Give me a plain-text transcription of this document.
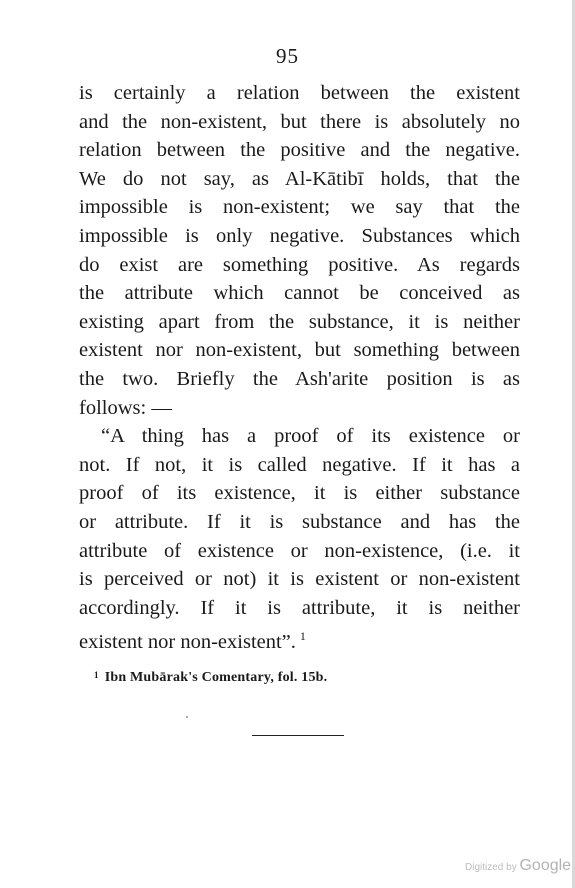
95
is certainly a relation between the existent
and the non-existent, but there is absolutely no
relation between the positive and the negative.
We do not say, as Al-Kātibī holds, that the
impossible is non-existent; we say that the
impossible is only negative. Substances which
do exist are something positive. As regards
the attribute which cannot be conceived as
existing apart from the substance, it is neither
existent nor non-existent, but something between
the two. Briefly the Ash'arite position is as
follows: —
“A thing has a proof of its existence or
not. If not, it is called negative. If it has a
proof of its existence, it is either substance
or attribute. If it is substance and has the
attribute of existence or non-existence, (i.e. it
is perceived or not) it is existent or non-existent
accordingly. If it is attribute, it is neither
existent nor non-existent”. $^1$
$^1$ Ibn Mubārak's Comentary, fol. 15b.
Digitized by Google
